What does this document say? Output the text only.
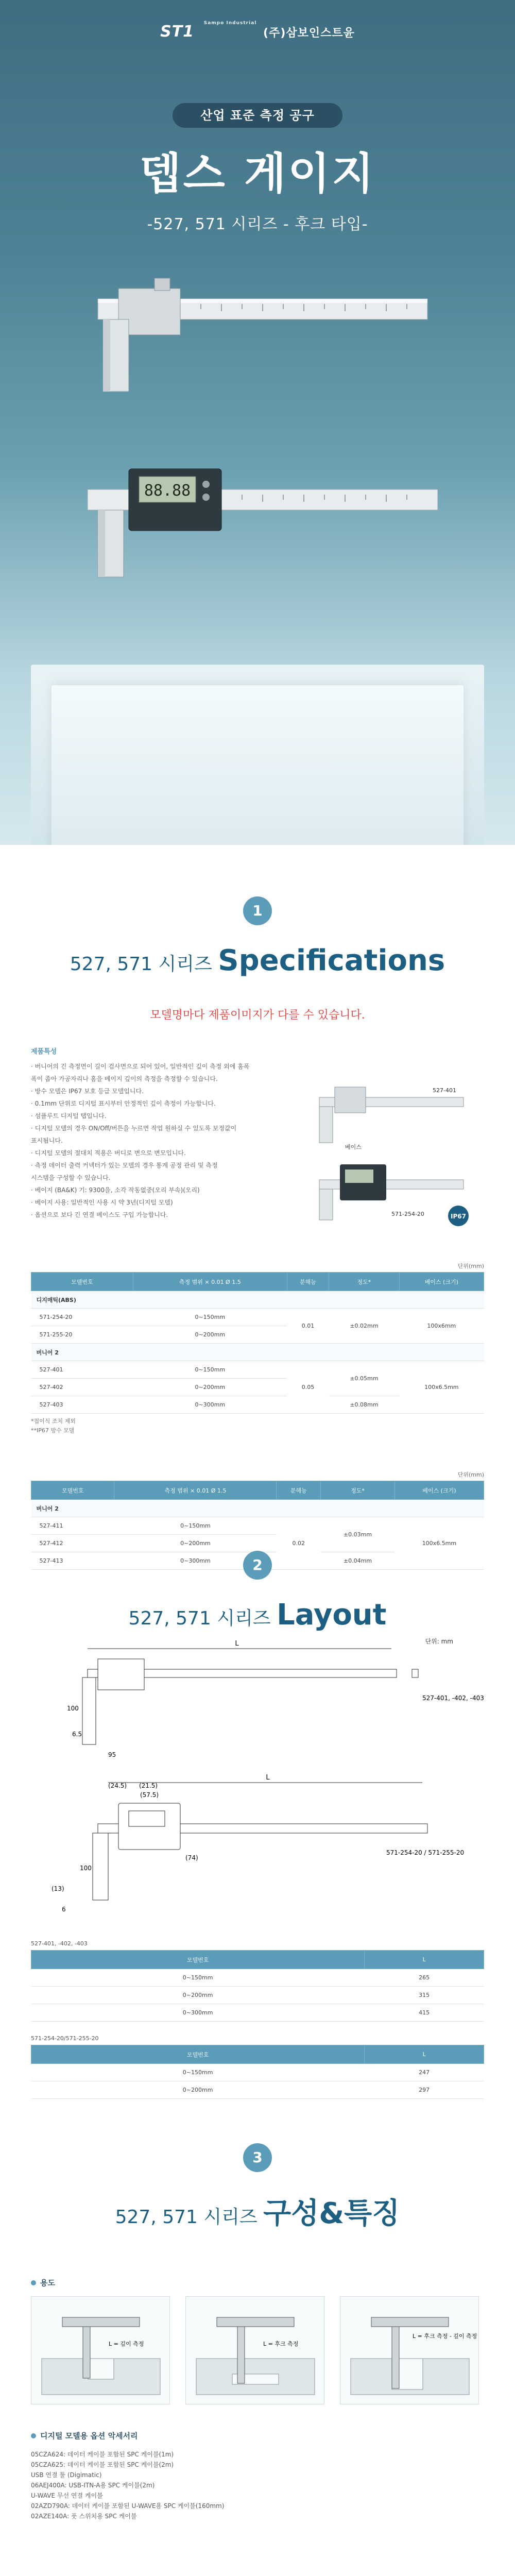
ST1 Sampo Industrial (주)삼보인스트윤
산업 표준 측정 공구
뎁스 게이지
-527, 571 시리즈 - 후크 타입-
88.88
1
527, 571 시리즈 Specifications
모델명마다 제품이미지가 다를 수 있습니다.
제품특성
· 버니어의 긴 측정면이 길이 검사면으로 되어 있어, 일반적인 깊이 측정 외에 홈폭
폭이 좁아 가공자리나 홈을 베이지 깊이의 측정을 측정할 수 있습니다.
· 방수 모델은 IP67 보호 등급 모델입니다.
· 0.1mm 단위로 디지털 표시부터 안정적인 깊이 측정이 가능합니다.
· 섬플루트 디지털 탭입니다.
· 디지털 모델의 경우 ON/Off/버튼을 누르면 작업 원하실 수 있도록 보정값이
표시됩니다.
· 디지털 모델의 절대치 적용은 버디로 변으로 변모입니다.
· 측정 데이터 출력 커넥터가 있는 모델의 경우 통계 공정 관리 및 측정
시스템을 구성할 수 있습니다.
· 베이지 (BA&K) 기: 9300을, 소각 작동없중(오리 부속)(오리)
· 베이지 사용: 일반적인 사용 시 약 3년(디지털 모델)
· 옵션으로 보다 긴 연결 베이스도 구입 가능합니다.
527-401
베이스
571-254-20	IP67
단위(mm)
모델번호	측정 범위 × 0.01 Ø 1.5	분해능	정도*	베이스 (크기)
디지매틱(ABS)				
571-254-20	0~150mm	0.01	±0.02mm	100x6mm
571-255-20	0~200mm			
버니어 2				
527-401	0~150mm	0.05	±0.05mm	100x6.5mm
527-402	0~200mm			
527-403	0~300mm		±0.08mm	
*접이식 조치 제외
**IP67 방수 모델
단위(mm)
모델번호	측정 범위 × 0.01 Ø 1.5	분해능	정도*	베이스 (크기)
버니어 2				
527-411	0~150mm	0.02	±0.03mm	100x6.5mm
527-412	0~200mm			
527-413	0~300mm		±0.04mm	
2
527, 571 시리즈 Layout
단위: mm
L
100
6.5
95
527-401, -402, -403
L
(57.5)
(21.5)
(24.5)
(74)
100
6
(13)
571-254-20 / 571-255-20
527-401, -402, -403
모델번호	L
0~150mm	265
0~200mm	315
0~300mm	415
571-254-20/571-255-20
모델번호	L
0~150mm	247
0~200mm	297
3
527, 571 시리즈 구성&특징
용도
L = 깊이 측정	L = 후크 측정
L = 후크 측정 - 깊이 측정
디지털 모델용 옵션 악세서리
05CZA624: 데이터 케이블 포함된 SPC 케이블(1m)
05CZA625: 데이터 케이블 포함된 SPC 케이블(2m)
USB 연결 툴 (Digimatic)
06AEJ400A: USB-ITN-A용 SPC 케이블(2m)
U-WAVE 무선 연결 케이블
02AZD790A: 데이터 케이블 포함된 U-WAVE용 SPC 케이블(160mm)
02AZE140A: 풋 스위치용 SPC 케이블
